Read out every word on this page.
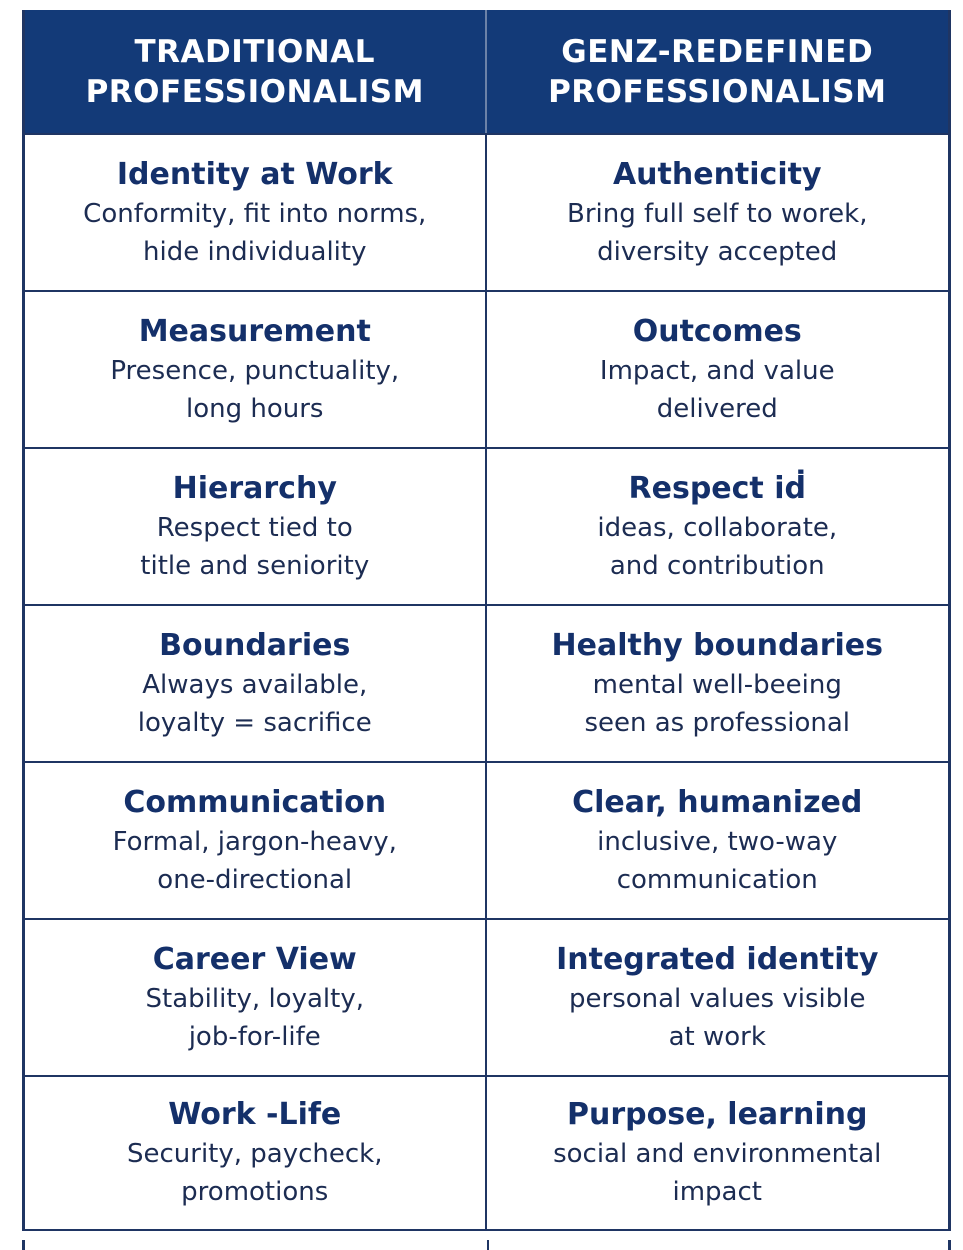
TRADITIONAL
PROFESSIONALISM
GENZ-REDEFINED
PROFESSIONALISM
Identity at Work
Conformity, fit into norms,
hide individuality
Authenticity
Bring full self to worek,
diversity accepted
Measurement
Presence, punctuality,
long hours
Outcomes
Impact, and value
delivered
Hierarchy
Respect tied to
title and seniority
Respect iḋ
ideas, collaborate,
and contribution
Boundaries
Always available,
loyalty = sacrifice
Healthy boundaries
mental well-beeing
seen as professional
Communication
Formal, jargon-heavy,
one-directional
Clear, humanized
inclusive, two-way
communication
Career View
Stability, loyalty,
job-for-life
Integrated identity
personal values visible
at work
Work -Life
Security, paycheck,
promotions
Purpose, learning
social and environmental
impact
